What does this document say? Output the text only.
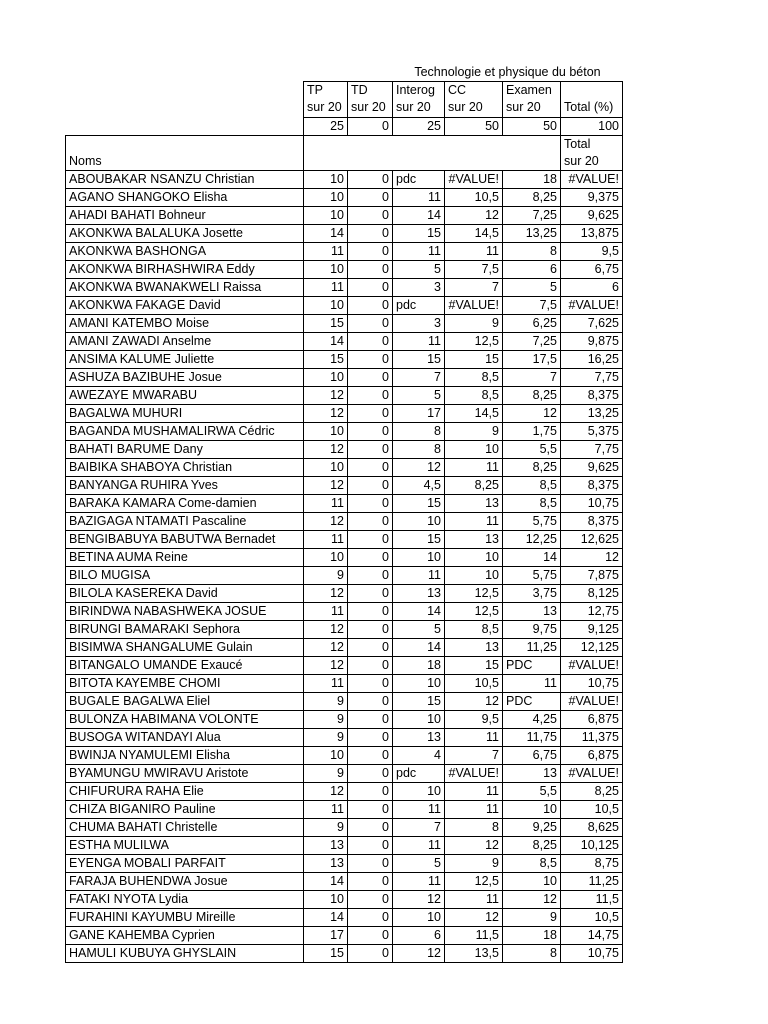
			Technologie et physique du béton			
	TP	TD	Interog	CC	Examen	
	sur 20	sur 20	sur 20	sur 20	sur 20	Total (%)
	25	0	25	50	50	100
						Total
Noms						sur 20
ABOUBAKAR NSANZU Christian	10	0	pdc	#VALUE!	18	#VALUE!
AGANO SHANGOKO Elisha	10	0	11	10,5	8,25	9,375
AHADI BAHATI Bohneur	10	0	14	12	7,25	9,625
AKONKWA BALALUKA Josette	14	0	15	14,5	13,25	13,875
AKONKWA BASHONGA	11	0	11	11	8	9,5
AKONKWA BIRHASHWIRA Eddy	10	0	5	7,5	6	6,75
AKONKWA BWANAKWELI Raissa	11	0	3	7	5	6
AKONKWA FAKAGE David	10	0	pdc	#VALUE!	7,5	#VALUE!
AMANI KATEMBO Moise	15	0	3	9	6,25	7,625
AMANI ZAWADI Anselme	14	0	11	12,5	7,25	9,875
ANSIMA KALUME Juliette	15	0	15	15	17,5	16,25
ASHUZA BAZIBUHE Josue	10	0	7	8,5	7	7,75
AWEZAYE MWARABU	12	0	5	8,5	8,25	8,375
BAGALWA MUHURI	12	0	17	14,5	12	13,25
BAGANDA MUSHAMALIRWA Cédric	10	0	8	9	1,75	5,375
BAHATI BARUME Dany	12	0	8	10	5,5	7,75
BAIBIKA SHABOYA Christian	10	0	12	11	8,25	9,625
BANYANGA RUHIRA Yves	12	0	4,5	8,25	8,5	8,375
BARAKA KAMARA Come-damien	11	0	15	13	8,5	10,75
BAZIGAGA NTAMATI Pascaline	12	0	10	11	5,75	8,375
BENGIBABUYA BABUTWA Bernadet	11	0	15	13	12,25	12,625
BETINA AUMA Reine	10	0	10	10	14	12
BILO MUGISA	9	0	11	10	5,75	7,875
BILOLA KASEREKA David	12	0	13	12,5	3,75	8,125
BIRINDWA NABASHWEKA JOSUE	11	0	14	12,5	13	12,75
BIRUNGI BAMARAKI Sephora	12	0	5	8,5	9,75	9,125
BISIMWA SHANGALUME Gulain	12	0	14	13	11,25	12,125
BITANGALO UMANDE Exaucé	12	0	18	15	PDC	#VALUE!
BITOTA KAYEMBE CHOMI	11	0	10	10,5	11	10,75
BUGALE BAGALWA Eliel	9	0	15	12	PDC	#VALUE!
BULONZA HABIMANA VOLONTE	9	0	10	9,5	4,25	6,875
BUSOGA WITANDAYI Alua	9	0	13	11	11,75	11,375
BWINJA NYAMULEMI Elisha	10	0	4	7	6,75	6,875
BYAMUNGU MWIRAVU Aristote	9	0	pdc	#VALUE!	13	#VALUE!
CHIFURURA RAHA Elie	12	0	10	11	5,5	8,25
CHIZA BIGANIRO Pauline	11	0	11	11	10	10,5
CHUMA BAHATI Christelle	9	0	7	8	9,25	8,625
ESTHA MULILWA	13	0	11	12	8,25	10,125
EYENGA MOBALI PARFAIT	13	0	5	9	8,5	8,75
FARAJA BUHENDWA Josue	14	0	11	12,5	10	11,25
FATAKI NYOTA Lydia	10	0	12	11	12	11,5
FURAHINI KAYUMBU Mireille	14	0	10	12	9	10,5
GANE KAHEMBA Cyprien	17	0	6	11,5	18	14,75
HAMULI KUBUYA GHYSLAIN	15	0	12	13,5	8	10,75
